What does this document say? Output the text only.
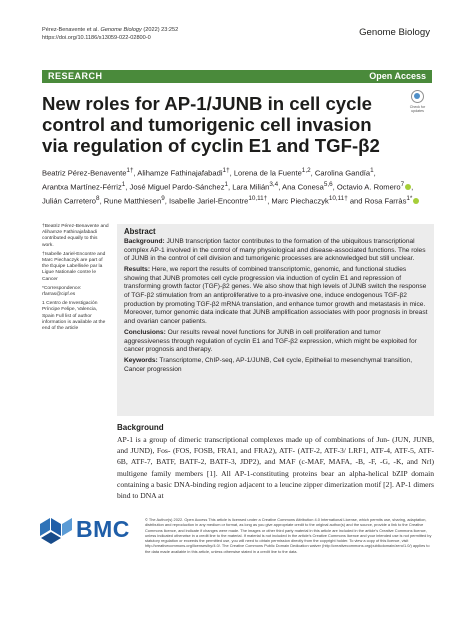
Pérez-Benavente et al. Genome Biology (2022) 23:252
https://doi.org/10.1186/s13059-022-02800-0	Genome Biology
RESEARCH	Open Access
New roles for AP-1/JUNB in cell cycle control and tumorigenic cell invasion via regulation of cyclin E1 and TGF-β2
Check for
updates
Beatriz Pérez-Benavente$^{1\dagger}$, Alihamze Fathinajafabadi$^{1\dagger}$, Lorena de la Fuente$^{1,2}$, Carolina Gandía$^1$,
Arantxa Martínez-Férriz$^1$, José Miguel Pardo-Sánchez$^1$, Lara Milián$^{3,4}$, Ana Conesa$^{5,6}$, Octavio A. Romero$^7$ ,
Julián Carretero$^8$, Rune Matthiesen$^9$, Isabelle Jariel-Encontre$^{10,11\dagger}$, Marc Piechaczyk$^{10,11\dagger}$ and Rosa Farràs$^{1*}$

†Beatriz Pérez-Benavente and Alihamze Fathinajafabadi contributed equally to this work.

†Isabelle Jariel-Encontre and Marc Piechaczyk are part of the Équipe Labellisée par la Ligue Nationale contre le Cancer

*Correspondence: rfarras@cipf.es

1 Centro de Investigación Príncipe Felipe, Valencia, Spain Full list of author information is available at the end of the article

Abstract

Background: JUNB transcription factor contributes to the formation of the ubiquitous transcriptional complex AP-1 involved in the control of many physiological and disease-associated functions. The roles of JUNB in the control of cell division and tumorigenic processes are acknowledged but still unclear.

Results: Here, we report the results of combined transcriptomic, genomic, and functional studies showing that JUNB promotes cell cycle progression via induction of cyclin E1 and repression of transforming growth factor (TGF)-β2 genes. We also show that high levels of JUNB switch the response of TGF-β2 stimulation from an antiproliferative to a pro-invasive one, induce endogenous TGF-β2 production by promoting TGF-β2 mRNA translation, and enhance tumor growth and metastasis in mice. Moreover, tumor genomic data indicate that JUNB amplification associates with poor prognosis in breast and ovarian cancer patients.

Conclusions: Our results reveal novel functions for JUNB in cell proliferation and tumor aggressiveness through regulation of cyclin E1 and TGF-β2 expression, which might be exploited for cancer prognosis and therapy.

Keywords: Transcriptome, ChIP-seq, AP-1/JUNB, Cell cycle, Epithelial to mesenchymal transition, Cancer progression

Background

AP-1 is a group of dimeric transcriptional complexes made up of combinations of Jun- (JUN, JUNB, and JUND), Fos- (FOS, FOSB, FRA1, and FRA2), ATF- (ATF-2, ATF-3/ LRF1, ATF-4, ATF-5, ATF-6B, ATF-7, BATF, BATF-2, BATF-3, JDP2), and MAF (c-MAF, MAFA, -B, -F, -G, -K, and Nrl) multigene family members [1]. All AP-1-constituting proteins bear an alpha-helical bZIP domain containing a basic DNA-binding region adjacent to a leucine zipper dimerization motif [2]. AP-1 dimers bind to DNA at

BMC	© The Author(s) 2022. Open Access This article is licensed under a Creative Commons Attribution 4.0 International License, which permits use, sharing, adaptation, distribution and reproduction in any medium or format, as long as you give appropriate credit to the original author(s) and the source, provide a link to the Creative Commons licence, and indicate if changes were made. The images or other third party material in this article are included in the article's Creative Commons licence, unless indicated otherwise in a credit line to the material. If material is not included in the article's Creative Commons licence and your intended use is not permitted by statutory regulation or exceeds the permitted use, you will need to obtain permission directly from the copyright holder. To view a copy of this licence, visit http://creativecommons.org/licenses/by/4.0/. The Creative Commons Public Domain Dedication waiver (http://creativecommons.org/publicdomain/zero/1.0/) applies to the data made available in this article, unless otherwise stated in a credit line to the data.
